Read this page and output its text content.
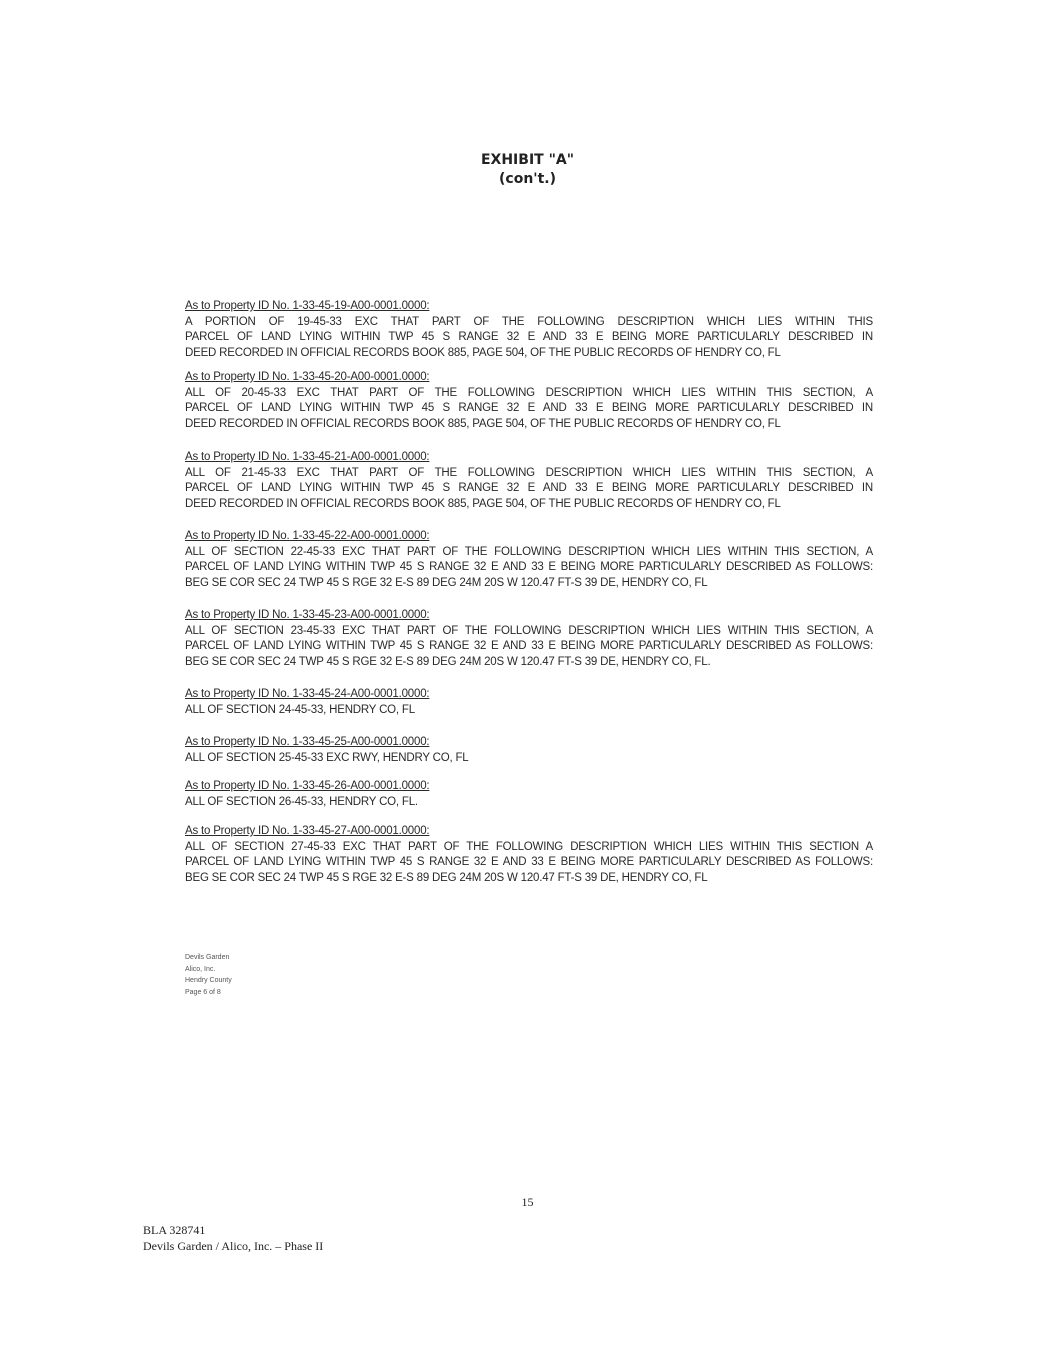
EXHIBIT "A"
(con't.)
As to Property ID No. 1-33-45-19-A00-0001.0000:
A PORTION OF 19-45-33 EXC THAT PART OF THE FOLLOWING DESCRIPTION WHICH LIES WITHIN THIS
PARCEL OF LAND LYING WITHIN TWP 45 S RANGE 32 E AND 33 E BEING MORE PARTICULARLY DESCRIBED IN
DEED RECORDED IN OFFICIAL RECORDS BOOK 885, PAGE 504, OF THE PUBLIC RECORDS OF HENDRY CO, FL
As to Property ID No. 1-33-45-20-A00-0001.0000:
ALL OF 20-45-33 EXC THAT PART OF THE FOLLOWING DESCRIPTION WHICH LIES WITHIN THIS SECTION, A
PARCEL OF LAND LYING WITHIN TWP 45 S RANGE 32 E AND 33 E BEING MORE PARTICULARLY DESCRIBED IN
DEED RECORDED IN OFFICIAL RECORDS BOOK 885, PAGE 504, OF THE PUBLIC RECORDS OF HENDRY CO, FL
As to Property ID No. 1-33-45-21-A00-0001.0000:
ALL OF 21-45-33 EXC THAT PART OF THE FOLLOWING DESCRIPTION WHICH LIES WITHIN THIS SECTION, A
PARCEL OF LAND LYING WITHIN TWP 45 S RANGE 32 E AND 33 E BEING MORE PARTICULARLY DESCRIBED IN
DEED RECORDED IN OFFICIAL RECORDS BOOK 885, PAGE 504, OF THE PUBLIC RECORDS OF HENDRY CO, FL
As to Property ID No. 1-33-45-22-A00-0001.0000:
ALL OF SECTION 22-45-33 EXC THAT PART OF THE FOLLOWING DESCRIPTION WHICH LIES WITHIN THIS SECTION, A
PARCEL OF LAND LYING WITHIN TWP 45 S RANGE 32 E AND 33 E BEING MORE PARTICULARLY DESCRIBED AS FOLLOWS:
BEG SE COR SEC 24 TWP 45 S RGE 32 E-S 89 DEG 24M 20S W 120.47 FT-S 39 DE, HENDRY CO, FL
As to Property ID No. 1-33-45-23-A00-0001.0000:
ALL OF SECTION 23-45-33 EXC THAT PART OF THE FOLLOWING DESCRIPTION WHICH LIES WITHIN THIS SECTION, A
PARCEL OF LAND LYING WITHIN TWP 45 S RANGE 32 E AND 33 E BEING MORE PARTICULARLY DESCRIBED AS FOLLOWS:
BEG SE COR SEC 24 TWP 45 S RGE 32 E-S 89 DEG 24M 20S W 120.47 FT-S 39 DE, HENDRY CO, FL.
As to Property ID No. 1-33-45-24-A00-0001.0000:
ALL OF SECTION 24-45-33, HENDRY CO, FL
As to Property ID No. 1-33-45-25-A00-0001.0000:
ALL OF SECTION 25-45-33 EXC RWY, HENDRY CO, FL
As to Property ID No. 1-33-45-26-A00-0001.0000:
ALL OF SECTION 26-45-33, HENDRY CO, FL.
As to Property ID No. 1-33-45-27-A00-0001.0000:
ALL OF SECTION 27-45-33 EXC THAT PART OF THE FOLLOWING DESCRIPTION WHICH LIES WITHIN THIS SECTION A
PARCEL OF LAND LYING WITHIN TWP 45 S RANGE 32 E AND 33 E BEING MORE PARTICULARLY DESCRIBED AS FOLLOWS:
BEG SE COR SEC 24 TWP 45 S RGE 32 E-S 89 DEG 24M 20S W 120.47 FT-S 39 DE, HENDRY CO, FL
Devils Garden
Alico, Inc.
Hendry County
Page 6 of 8
15
BLA 328741
Devils Garden / Alico, Inc. – Phase II
